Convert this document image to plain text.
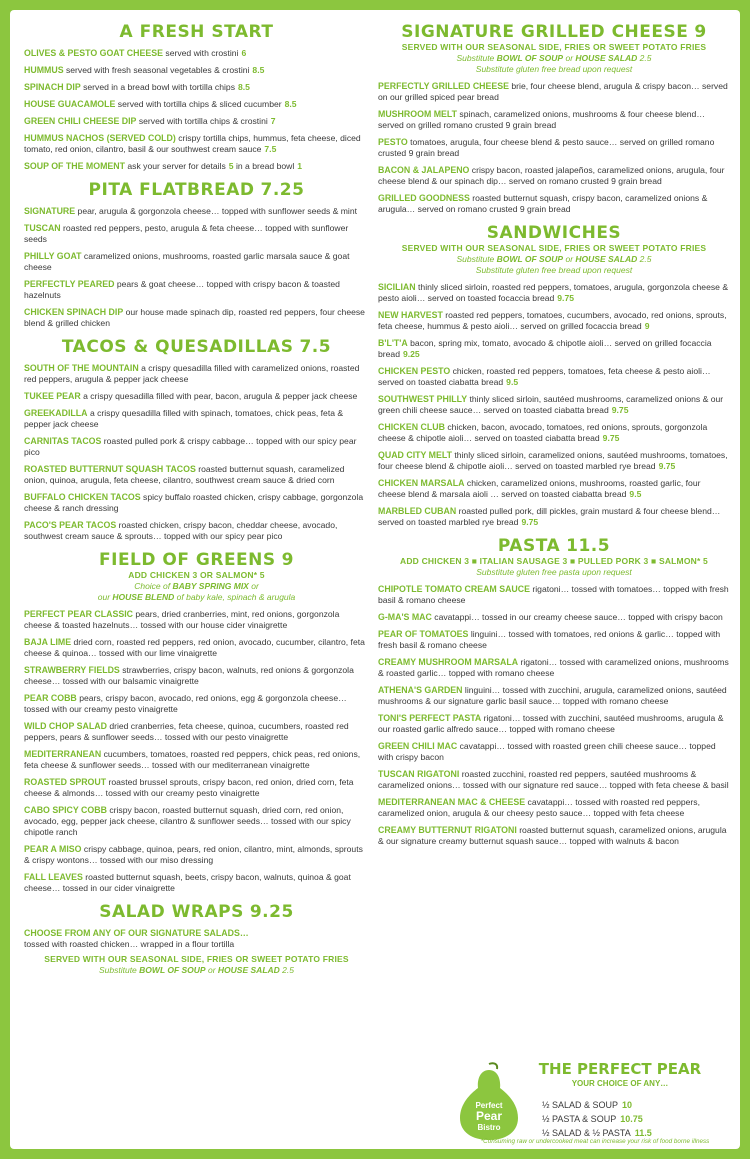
A FRESH START
OLIVES & PESTO GOAT CHEESE served with crostini 6
HUMMUS served with fresh seasonal vegetables & crostini 8.5
SPINACH DIP served in a bread bowl with tortilla chips 8.5
HOUSE GUACAMOLE served with tortilla chips & sliced cucumber 8.5
GREEN CHILI CHEESE DIP served with tortilla chips & crostini 7
HUMMUS NACHOS (SERVED COLD) crispy tortilla chips, hummus, feta cheese, diced tomato, red onion, cilantro, basil & our southwest cream sauce 7.5
SOUP OF THE MOMENT ask your server for details 5 in a bread bowl 1
PITA FLATBREAD 7.25
SIGNATURE pear, arugula & gorgonzola cheese… topped with sunflower seeds & mint
TUSCAN roasted red peppers, pesto, arugula & feta cheese… topped with sunflower seeds
PHILLY GOAT caramelized onions, mushrooms, roasted garlic marsala sauce & goat cheese
PERFECTLY PEARED pears & goat cheese… topped with crispy bacon & toasted hazelnuts
CHICKEN SPINACH DIP our house made spinach dip, roasted red peppers, four cheese blend & grilled chicken
TACOS & QUESADILLAS 7.5
SOUTH OF THE MOUNTAIN a crispy quesadilla filled with caramelized onions, roasted red peppers, arugula & pepper jack cheese
TUKEE PEAR a crispy quesadilla filled with pear, bacon, arugula & pepper jack cheese
GREEKADILLA a crispy quesadilla filled with spinach, tomatoes, chick peas, feta & pepper jack cheese
CARNITAS TACOS roasted pulled pork & crispy cabbage… topped with our spicy pear pico
ROASTED BUTTERNUT SQUASH TACOS roasted butternut squash, caramelized onion, quinoa, arugula, feta cheese, cilantro, southwest cream sauce & dried corn
BUFFALO CHICKEN TACOS spicy buffalo roasted chicken, crispy cabbage, gorgonzola cheese & ranch dressing
PACO'S PEAR TACOS roasted chicken, crispy bacon, cheddar cheese, avocado, southwest cream sauce & sprouts… topped with our spicy pear pico
FIELD OF GREENS 9
ADD CHICKEN 3 OR SALMON* 5
Choice of BABY SPRING MIX or
our HOUSE BLEND of baby kale, spinach & arugula
PERFECT PEAR CLASSIC pears, dried cranberries, mint, red onions, gorgonzola cheese & toasted hazelnuts… tossed with our house cider vinaigrette
BAJA LIME dried corn, roasted red peppers, red onion, avocado, cucumber, cilantro, feta cheese & quinoa… tossed with our lime vinaigrette
STRAWBERRY FIELDS strawberries, crispy bacon, walnuts, red onions & gorgonzola cheese… tossed with our balsamic vinaigrette
PEAR COBB pears, crispy bacon, avocado, red onions, egg & gorgonzola cheese… tossed with our creamy pesto vinaigrette
WILD CHOP SALAD dried cranberries, feta cheese, quinoa, cucumbers, roasted red peppers, pears & sunflower seeds… tossed with our pesto vinaigrette
MEDITERRANEAN cucumbers, tomatoes, roasted red peppers, chick peas, red onions, feta cheese & sunflower seeds… tossed with our mediterranean vinaigrette
ROASTED SPROUT roasted brussel sprouts, crispy bacon, red onion, dried corn, feta cheese & almonds… tossed with our creamy pesto vinaigrette
CABO SPICY COBB crispy bacon, roasted butternut squash, dried corn, red onion, avocado, egg, pepper jack cheese, cilantro & sunflower seeds… tossed with our spicy chipotle ranch
PEAR A MISO crispy cabbage, quinoa, pears, red onion, cilantro, mint, almonds, sprouts & crispy wontons… tossed with our miso dressing
FALL LEAVES roasted butternut squash, beets, crispy bacon, walnuts, quinoa & goat cheese… tossed in our cider vinaigrette
SALAD WRAPS 9.25
CHOOSE FROM ANY OF OUR SIGNATURE SALADS…
tossed with roasted chicken… wrapped in a flour tortilla
SERVED WITH OUR SEASONAL SIDE, FRIES OR SWEET POTATO FRIES
Substitute BOWL OF SOUP or HOUSE SALAD 2.5
SIGNATURE GRILLED CHEESE 9
SERVED WITH OUR SEASONAL SIDE, FRIES OR SWEET POTATO FRIES
Substitute BOWL OF SOUP or HOUSE SALAD 2.5
Substitute gluten free bread upon request
PERFECTLY GRILLED CHEESE brie, four cheese blend, arugula & crispy bacon… served on our grilled spiced pear bread
MUSHROOM MELT spinach, caramelized onions, mushrooms & four cheese blend… served on grilled romano crusted 9 grain bread
PESTO tomatoes, arugula, four cheese blend & pesto sauce… served on grilled romano crusted 9 grain bread
BACON & JALAPENO crispy bacon, roasted jalapeños, caramelized onions, arugula, four cheese blend & our spinach dip… served on romano crusted 9 grain bread
GRILLED GOODNESS roasted butternut squash, crispy bacon, caramelized onions & arugula… served on romano crusted 9 grain bread
SANDWICHES
SERVED WITH OUR SEASONAL SIDE, FRIES OR SWEET POTATO FRIES
Substitute BOWL OF SOUP or HOUSE SALAD 2.5
Substitute gluten free bread upon request
SICILIAN thinly sliced sirloin, roasted red peppers, tomatoes, arugula, gorgonzola cheese & pesto aioli… served on toasted focaccia bread 9.75
NEW HARVEST roasted red peppers, tomatoes, cucumbers, avocado, red onions, sprouts, feta cheese, hummus & pesto aioli… served on grilled focaccia bread 9
B'L'T'A bacon, spring mix, tomato, avocado & chipotle aioli… served on grilled focaccia bread 9.25
CHICKEN PESTO chicken, roasted red peppers, tomatoes, feta cheese & pesto aioli… served on toasted ciabatta bread 9.5
SOUTHWEST PHILLY thinly sliced sirloin, sautéed mushrooms, caramelized onions & our green chili cheese sauce… served on toasted ciabatta bread 9.75
CHICKEN CLUB chicken, bacon, avocado, tomatoes, red onions, sprouts, gorgonzola cheese & chipotle aioli… served on toasted ciabatta bread 9.75
QUAD CITY MELT thinly sliced sirloin, caramelized onions, sautéed mushrooms, tomatoes, four cheese blend & chipotle aioli… served on toasted marbled rye bread 9.75
CHICKEN MARSALA chicken, caramelized onions, mushrooms, roasted garlic, four cheese blend & marsala aioli … served on toasted ciabatta bread 9.5
MARBLED CUBAN roasted pulled pork, dill pickles, grain mustard & four cheese blend… served on toasted marbled rye bread 9.75
PASTA 11.5
ADD CHICKEN 3 ■ ITALIAN SAUSAGE 3 ■ PULLED PORK 3 ■ SALMON* 5
Substitute gluten free pasta upon request
CHIPOTLE TOMATO CREAM SAUCE rigatoni… tossed with tomatoes… topped with fresh basil & romano cheese
G-MA'S MAC cavatappi… tossed in our creamy cheese sauce… topped with crispy bacon
PEAR OF TOMATOES linguini… tossed with tomatoes, red onions & garlic… topped with fresh basil & romano cheese
CREAMY MUSHROOM MARSALA rigatoni… tossed with caramelized onions, mushrooms & roasted garlic… topped with romano cheese
ATHENA'S GARDEN linguini… tossed with zucchini, arugula, caramelized onions, sautéed mushrooms & our signature garlic basil sauce… topped with romano cheese
TONI'S PERFECT PASTA rigatoni… tossed with zucchini, sautéed mushrooms, arugula & our roasted garlic alfredo sauce… topped with romano cheese
GREEN CHILI MAC cavatappi… tossed with roasted green chili cheese sauce… topped with crispy bacon
TUSCAN RIGATONI roasted zucchini, roasted red peppers, sautéed mushrooms & caramelized onions… tossed with our signature red sauce… topped with feta cheese & basil
MEDITERRANEAN MAC & CHEESE cavatappi… tossed with roasted red peppers, caramelized onion, arugula & our cheesy pesto sauce… topped with feta cheese
CREAMY BUTTERNUT RIGATONI roasted butternut squash, caramelized onions, arugula & our signature creamy butternut squash sauce… topped with walnuts & bacon
Perfect
Pear
Bistro
THE PERFECT PEAR
YOUR CHOICE OF ANY…
½ SALAD & SOUP 10
½ PASTA & SOUP 10.75
½ SALAD & ½ PASTA 11.5
*Consuming raw or undercooked meat can increase your risk of food borne illness
